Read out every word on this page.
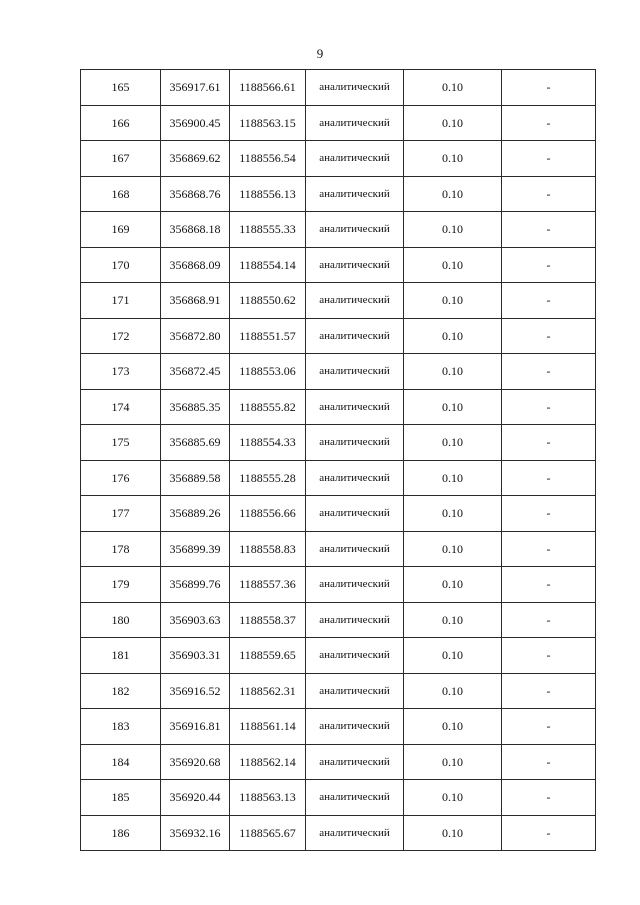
9
165	356917.61	1188566.61	аналитический	0.10	-
166	356900.45	1188563.15	аналитический	0.10	-
167	356869.62	1188556.54	аналитический	0.10	-
168	356868.76	1188556.13	аналитический	0.10	-
169	356868.18	1188555.33	аналитический	0.10	-
170	356868.09	1188554.14	аналитический	0.10	-
171	356868.91	1188550.62	аналитический	0.10	-
172	356872.80	1188551.57	аналитический	0.10	-
173	356872.45	1188553.06	аналитический	0.10	-
174	356885.35	1188555.82	аналитический	0.10	-
175	356885.69	1188554.33	аналитический	0.10	-
176	356889.58	1188555.28	аналитический	0.10	-
177	356889.26	1188556.66	аналитический	0.10	-
178	356899.39	1188558.83	аналитический	0.10	-
179	356899.76	1188557.36	аналитический	0.10	-
180	356903.63	1188558.37	аналитический	0.10	-
181	356903.31	1188559.65	аналитический	0.10	-
182	356916.52	1188562.31	аналитический	0.10	-
183	356916.81	1188561.14	аналитический	0.10	-
184	356920.68	1188562.14	аналитический	0.10	-
185	356920.44	1188563.13	аналитический	0.10	-
186	356932.16	1188565.67	аналитический	0.10	-
